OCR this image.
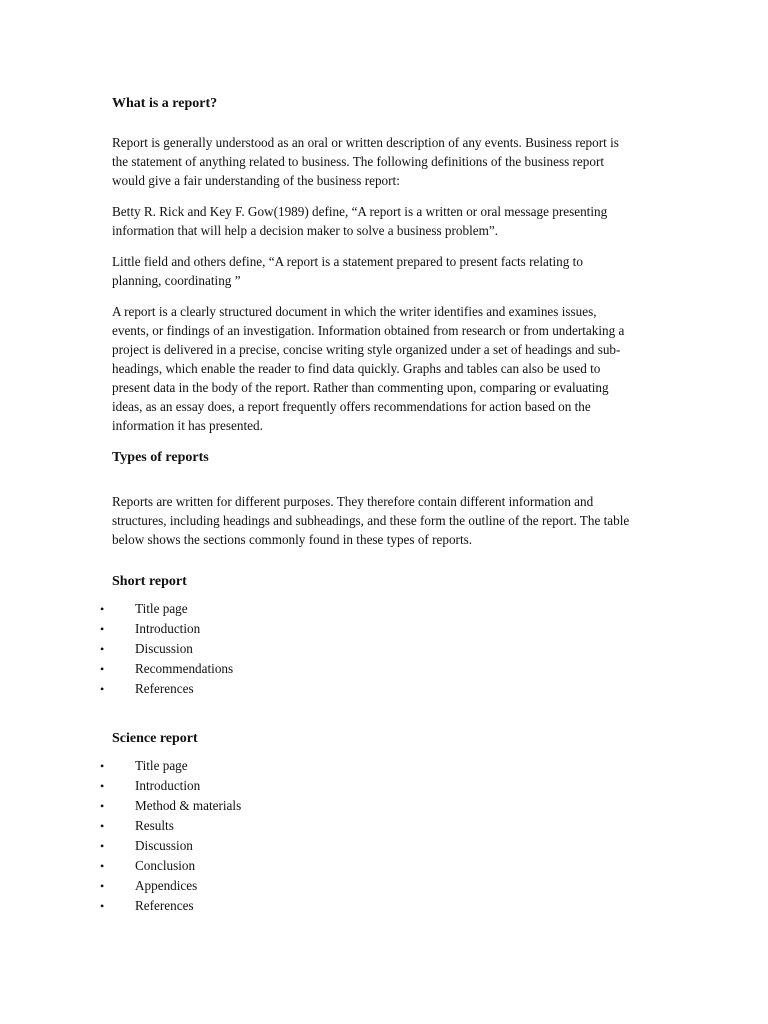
What is a report?
Report is generally understood as an oral or written description of any events. Business report is
the statement of anything related to business. The following definitions of the business report
would give a fair understanding of the business report:
Betty R. Rick and Key F. Gow(1989) define, “A report is a written or oral message presenting
information that will help a decision maker to solve a business problem”.
Little field and others define, “A report is a statement prepared to present facts relating to
planning, coordinating ”
A report is a clearly structured document in which the writer identifies and examines issues,
events, or findings of an investigation. Information obtained from research or from undertaking a
project is delivered in a precise, concise writing style organized under a set of headings and sub-
headings, which enable the reader to find data quickly. Graphs and tables can also be used to
present data in the body of the report. Rather than commenting upon, comparing or evaluating
ideas, as an essay does, a report frequently offers recommendations for action based on the
information it has presented.
Types of reports
Reports are written for different purposes. They therefore contain different information and
structures, including headings and subheadings, and these form the outline of the report. The table
below shows the sections commonly found in these types of reports.
Short report
• Title page
• Introduction
• Discussion
• Recommendations
• References
Science report
• Title page
• Introduction
• Method & materials
• Results
• Discussion
• Conclusion
• Appendices
• References
